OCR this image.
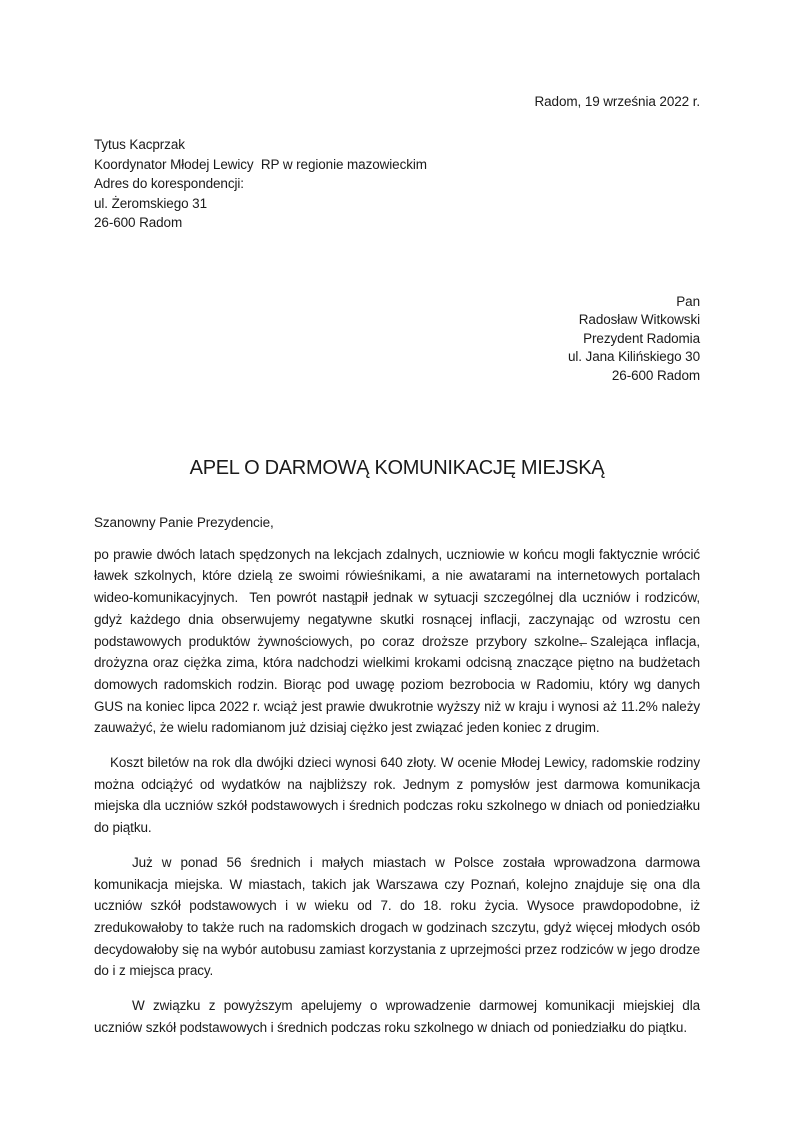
Radom, 19 września 2022 r.
Tytus Kacprzak
Koordynator Młodej Lewicy  RP w regionie mazowieckim
Adres do korespondencji:
ul. Żeromskiego 31
26-600 Radom
Pan
Radosław Witkowski
Prezydent Radomia
ul. Jana Kilińskiego 30
26-600 Radom
APEL O DARMOWĄ KOMUNIKACJĘ MIEJSKĄ
Szanowny Panie Prezydencie,

po prawie dwóch latach spędzonych na lekcjach zdalnych, uczniowie w końcu mogli faktycznie wrócić ławek szkolnych, które dzielą ze swoimi rówieśnikami, a nie awatarami na internetowych portalach wideo-komunikacyjnych.  Ten powrót nastąpił jednak w sytuacji szczególnej dla uczniów i rodziców, gdyż każdego dnia obserwujemy negatywne skutki rosnącej inflacji, zaczynając od wzrostu cen podstawowych produktów żywnościowych, po coraz droższe przybory szkolne.̶ Szalejąca inflacja, drożyzna oraz ciężka zima, która nadchodzi wielkimi krokami odcisną znaczące piętno na budżetach domowych radomskich rodzin. Biorąc pod uwagę poziom bezrobocia w Radomiu, który wg danych GUS na koniec lipca 2022 r. wciąż jest prawie dwukrotnie wyższy niż w kraju i wynosi aż 11.2% należy zauważyć, że wielu radomianom już dzisiaj ciężko jest związać jeden koniec z drugim.

Koszt biletów na rok dla dwójki dzieci wynosi 640 złoty. W ocenie Młodej Lewicy, radomskie rodziny można odciążyć od wydatków na najbliższy rok. Jednym z pomysłów jest darmowa komunikacja miejska dla uczniów szkół podstawowych i średnich podczas roku szkolnego w dniach od poniedziałku do piątku.

Już w ponad 56 średnich i małych miastach w Polsce została wprowadzona darmowa komunikacja miejska. W miastach, takich jak Warszawa czy Poznań, kolejno znajduje się ona dla uczniów szkół podstawowych i w wieku od 7. do 18. roku życia. Wysoce prawdopodobne, iż zredukowałoby to także ruch na radomskich drogach w godzinach szczytu, gdyż więcej młodych osób decydowałoby się na wybór autobusu zamiast korzystania z uprzejmości przez rodziców w jego drodze do i z miejsca pracy.

W związku z powyższym apelujemy o wprowadzenie darmowej komunikacji miejskiej dla uczniów szkół podstawowych i średnich podczas roku szkolnego w dniach od poniedziałku do piątku.
